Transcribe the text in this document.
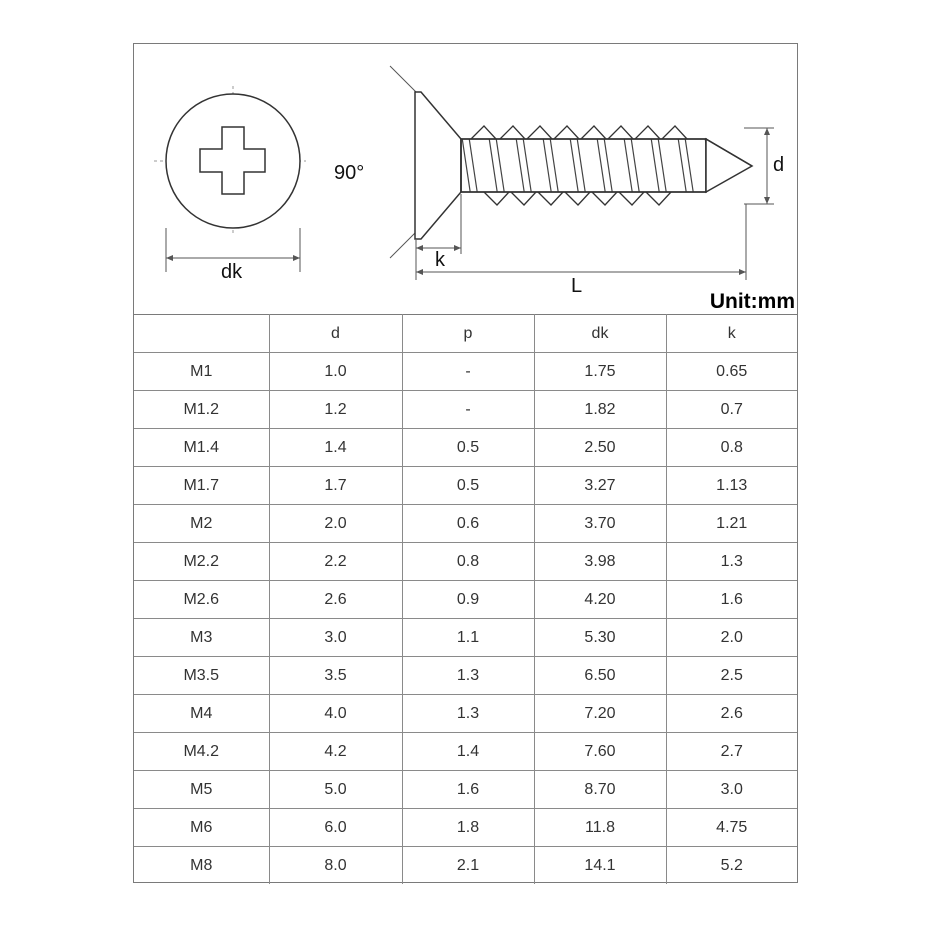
90°
dk
k
L
d
Unit:mm
	d	p	dk	k
M1	1.0	-	1.75	0.65
M1.2	1.2	-	1.82	0.7
M1.4	1.4	0.5	2.50	0.8
M1.7	1.7	0.5	3.27	1.13
M2	2.0	0.6	3.70	1.21
M2.2	2.2	0.8	3.98	1.3
M2.6	2.6	0.9	4.20	1.6
M3	3.0	1.1	5.30	2.0
M3.5	3.5	1.3	6.50	2.5
M4	4.0	1.3	7.20	2.6
M4.2	4.2	1.4	7.60	2.7
M5	5.0	1.6	8.70	3.0
M6	6.0	1.8	11.8	4.75
M8	8.0	2.1	14.1	5.2
